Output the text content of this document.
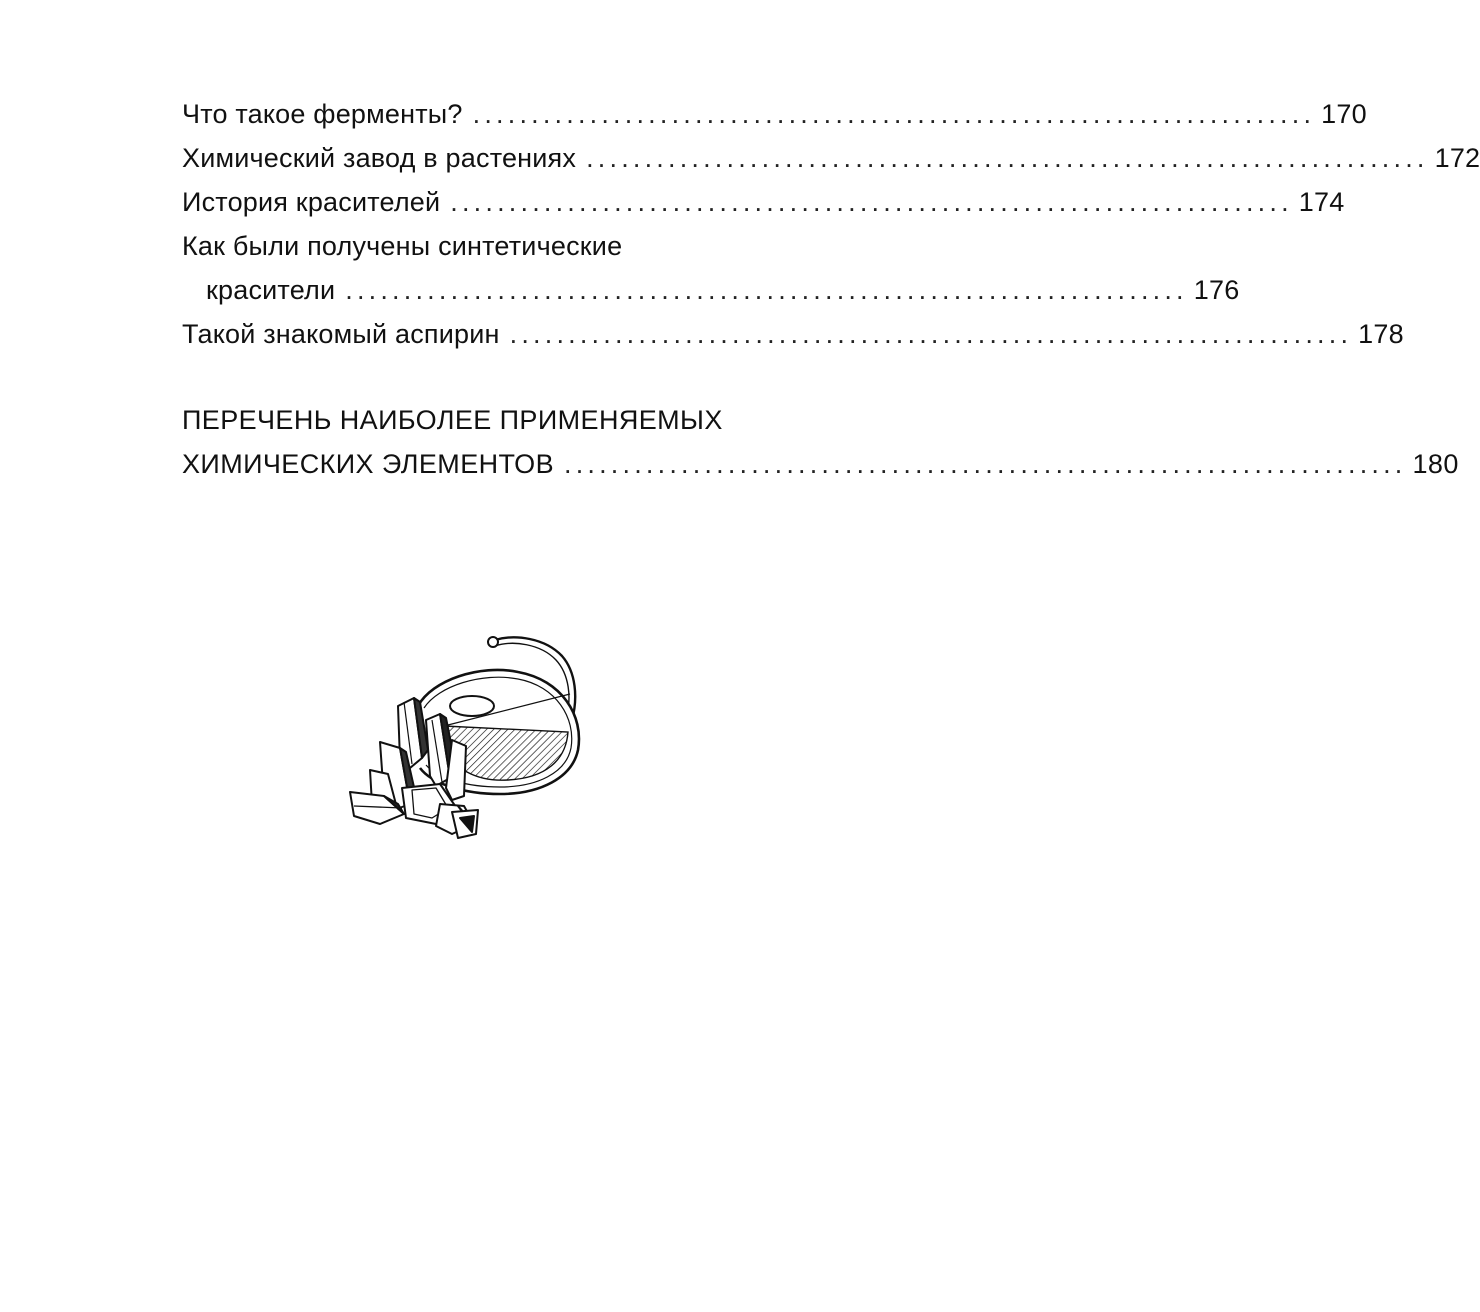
Что такое ферменты? ........................................................................ 170
Химический завод в растениях ........................................................................ 172
История красителей ........................................................................ 174
Как были получены синтетические
красители ........................................................................ 176
Такой знакомый аспирин ........................................................................ 178
ПЕРЕЧЕНЬ НАИБОЛЕЕ ПРИМЕНЯЕМЫХ
ХИМИЧЕСКИХ ЭЛЕМЕНТОВ ........................................................................ 180
